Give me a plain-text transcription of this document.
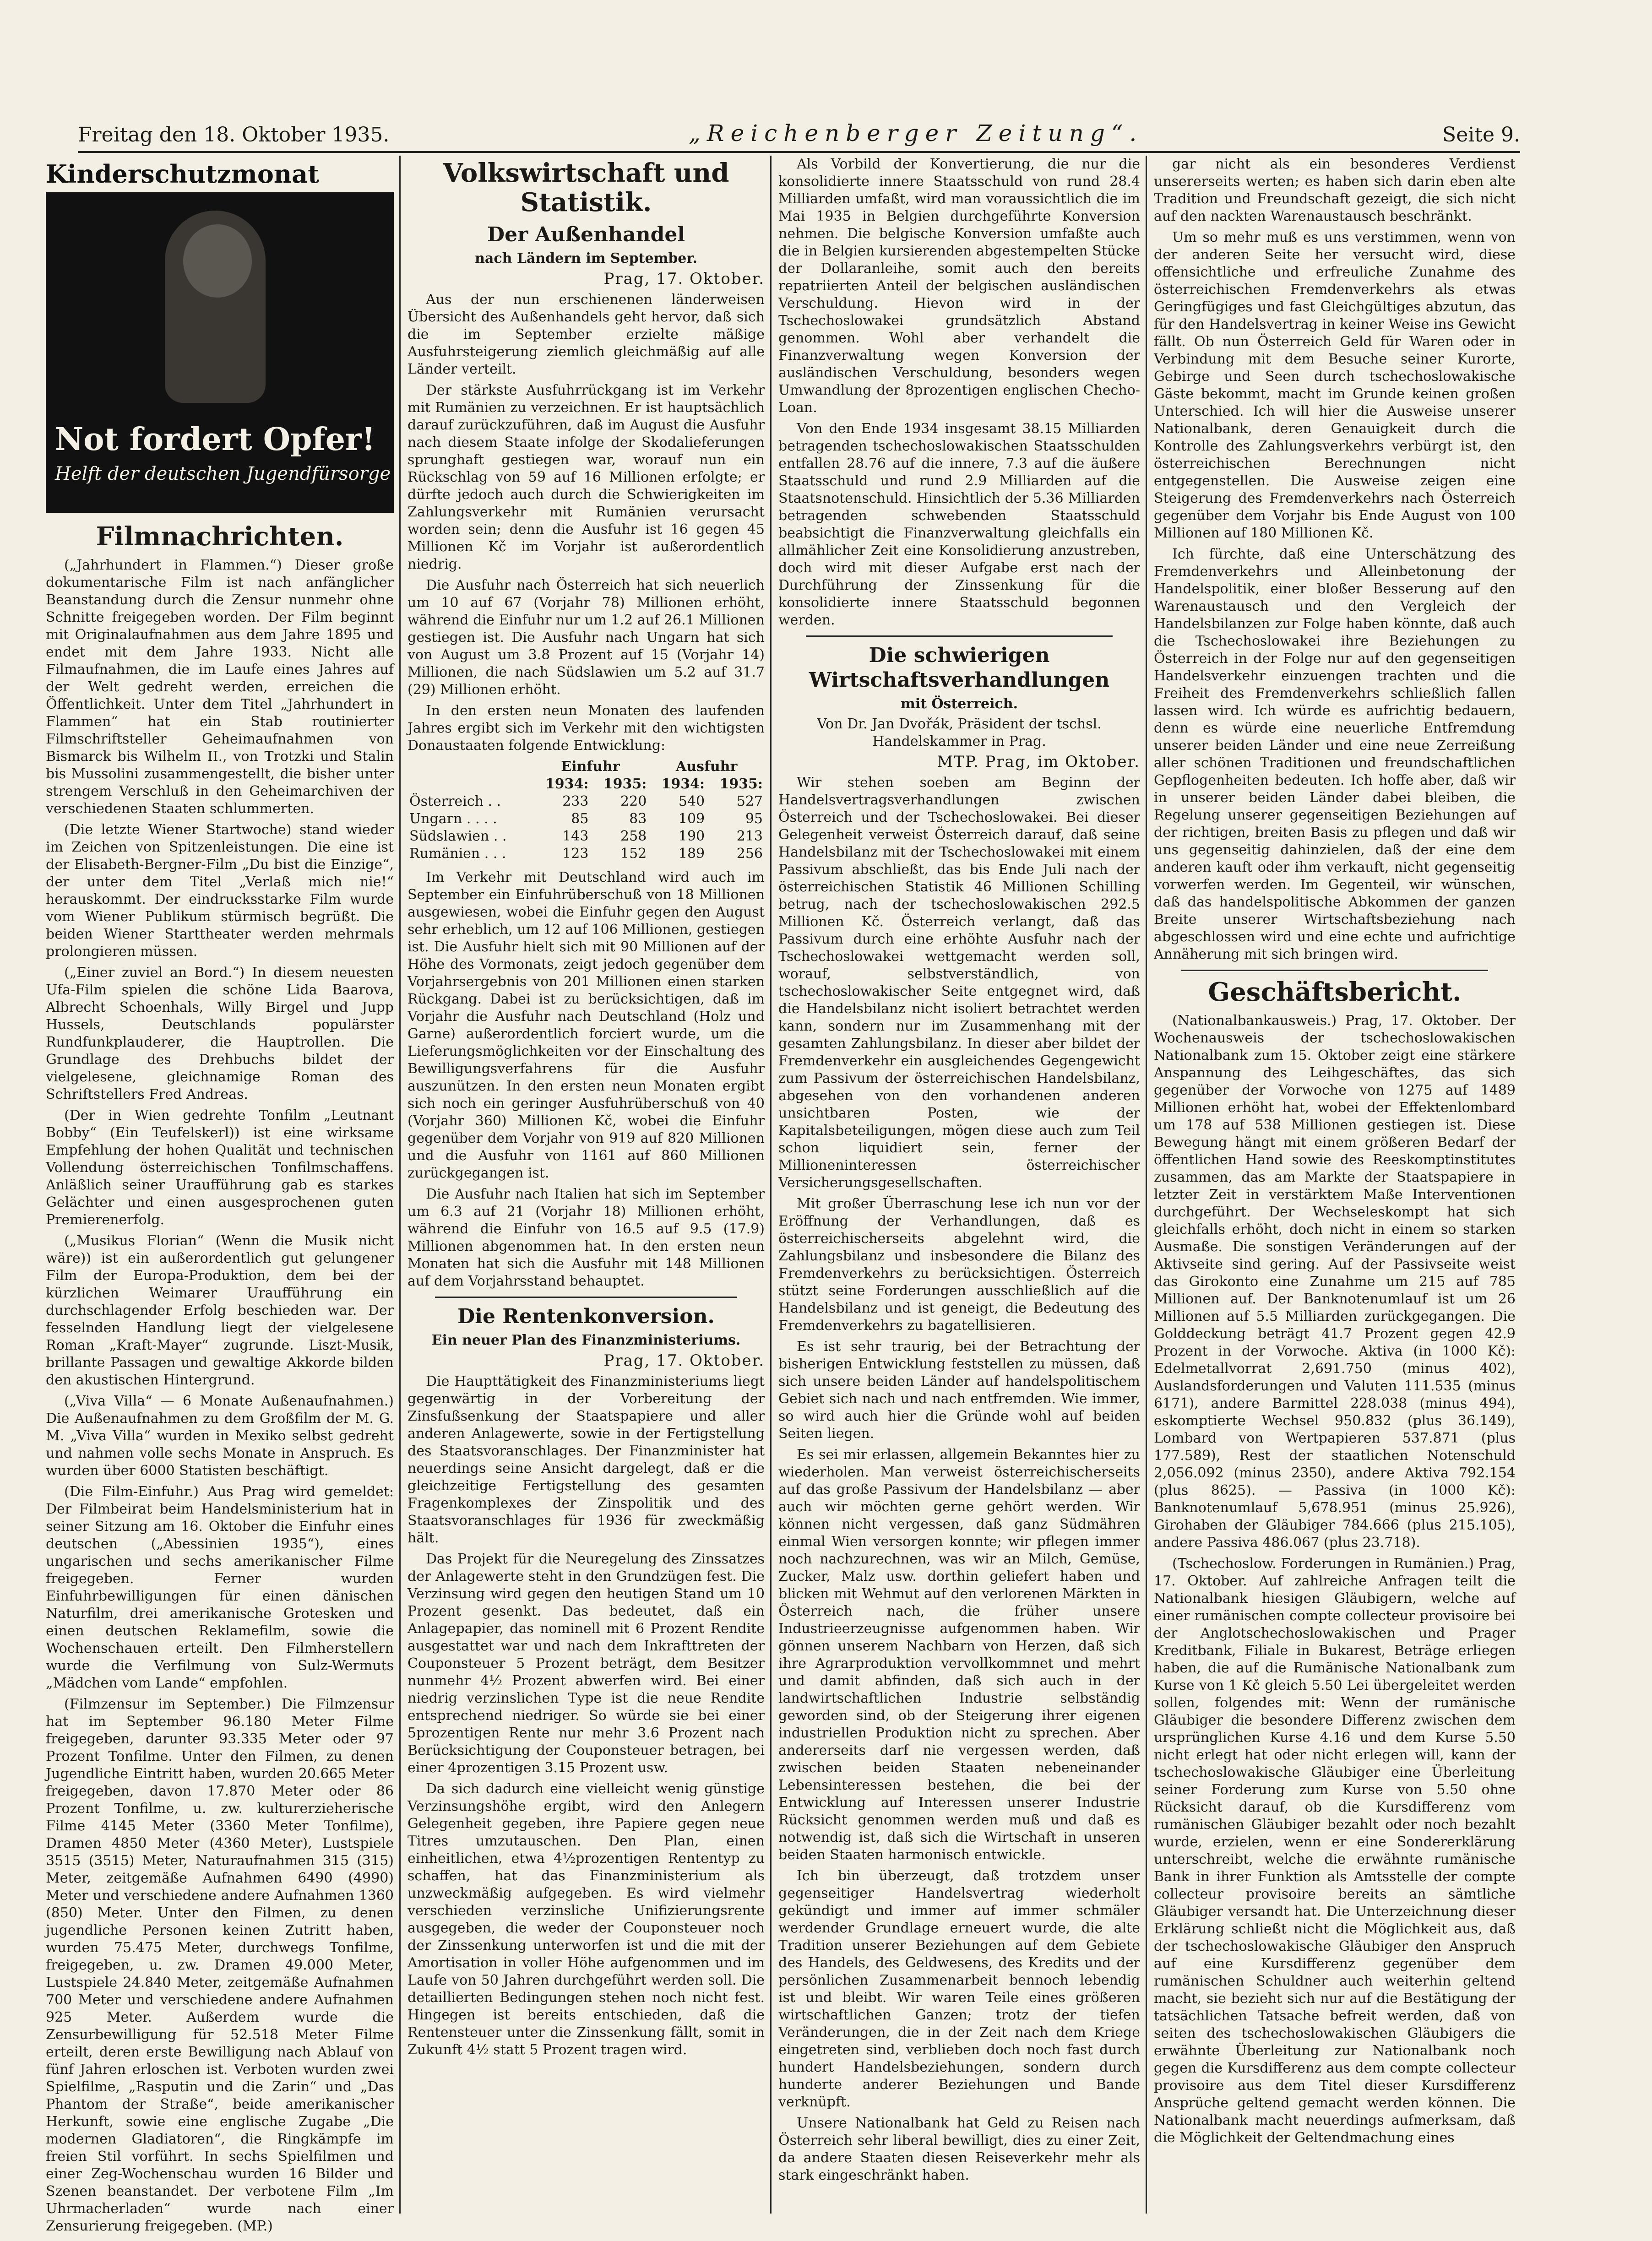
Freitag den 18. Oktober 1935.	„Reichenberger Zeitung“.	Seite 9.
Kinderschutzmonat Oktober!
Not fordert Opfer!
Helft der deutschen Jugendfürsorge
Filmnachrichten.

(„Jahrhundert in Flammen.“) Dieser große dokumentarische Film ist nach anfänglicher Beanstandung durch die Zensur nunmehr ohne Schnitte freigegeben worden. Der Film beginnt mit Originalaufnahmen aus dem Jahre 1895 und endet mit dem Jahre 1933. Nicht alle Filmaufnahmen, die im Laufe eines Jahres auf der Welt gedreht werden, erreichen die Öffentlichkeit. Unter dem Titel „Jahrhundert in Flammen“ hat ein Stab routinierter Filmschriftsteller Geheimaufnahmen von Bismarck bis Wilhelm II., von Trotzki und Stalin bis Mussolini zusammengestellt, die bisher unter strengem Verschluß in den Geheimarchiven der verschiedenen Staaten schlummerten.

(Die letzte Wiener Startwoche) stand wieder im Zeichen von Spitzenleistungen. Die eine ist der Elisabeth-Bergner-Film „Du bist die Einzige“, der unter dem Titel „Verlaß mich nie!“ herauskommt. Der eindrucksstarke Film wurde vom Wiener Publikum stürmisch begrüßt. Die beiden Wiener Starttheater werden mehrmals prolongieren müssen.

(„Einer zuviel an Bord.“) In diesem neuesten Ufa-Film spielen die schöne Lida Baarova, Albrecht Schoenhals, Willy Birgel und Jupp Hussels, Deutschlands populärster Rundfunkplauderer, die Hauptrollen. Die Grundlage des Drehbuchs bildet der vielgelesene, gleichnamige Roman des Schriftstellers Fred Andreas.

(Der in Wien gedrehte Tonfilm „Leutnant Bobby“ (Ein Teufelskerl)) ist eine wirksame Empfehlung der hohen Qualität und technischen Vollendung österreichischen Tonfilmschaffens. Anläßlich seiner Uraufführung gab es starkes Gelächter und einen ausgesprochenen guten Premierenerfolg.

(„Musikus Florian“ (Wenn die Musik nicht wäre)) ist ein außerordentlich gut gelungener Film der Europa-Produktion, dem bei der kürzlichen Weimarer Uraufführung ein durchschlagender Erfolg beschieden war. Der fesselnden Handlung liegt der vielgelesene Roman „Kraft-Mayer“ zugrunde. Liszt-Musik, brillante Passagen und gewaltige Akkorde bilden den akustischen Hintergrund.

(„Viva Villa“ — 6 Monate Außenaufnahmen.) Die Außenaufnahmen zu dem Großfilm der M. G. M. „Viva Villa“ wurden in Mexiko selbst gedreht und nahmen volle sechs Monate in Anspruch. Es wurden über 6000 Statisten beschäftigt.

(Die Film-Einfuhr.) Aus Prag wird gemeldet: Der Filmbeirat beim Handelsministerium hat in seiner Sitzung am 16. Oktober die Einfuhr eines deutschen („Abessinien 1935“), eines ungarischen und sechs amerikanischer Filme freigegeben. Ferner wurden Einfuhrbewilligungen für einen dänischen Naturfilm, drei amerikanische Grotesken und einen deutschen Reklamefilm, sowie die Wochenschauen erteilt. Den Filmherstellern wurde die Verfilmung von Sulz-Wermuts „Mädchen vom Lande“ empfohlen.

(Filmzensur im September.) Die Filmzensur hat im September 96.180 Meter Filme freigegeben, darunter 93.335 Meter oder 97 Prozent Tonfilme. Unter den Filmen, zu denen Jugendliche Eintritt haben, wurden 20.665 Meter freigegeben, davon 17.870 Meter oder 86 Prozent Tonfilme, u. zw. kulturerzieherische Filme 4145 Meter (3360 Meter Tonfilme), Dramen 4850 Meter (4360 Meter), Lustspiele 3515 (3515) Meter, Naturaufnahmen 315 (315) Meter, zeitgemäße Aufnahmen 6490 (4990) Meter und verschiedene andere Aufnahmen 1360 (850) Meter. Unter den Filmen, zu denen jugendliche Personen keinen Zutritt haben, wurden 75.475 Meter, durchwegs Tonfilme, freigegeben, u. zw. Dramen 49.000 Meter, Lustspiele 24.840 Meter, zeitgemäße Aufnahmen 700 Meter und verschiedene andere Aufnahmen 925 Meter. Außerdem wurde die Zensurbewilligung für 52.518 Meter Filme erteilt, deren erste Bewilligung nach Ablauf von fünf Jahren erloschen ist. Verboten wurden zwei Spielfilme, „Rasputin und die Zarin“ und „Das Phantom der Straße“, beide amerikanischer Herkunft, sowie eine englische Zugabe „Die modernen Gladiatoren“, die Ringkämpfe im freien Stil vorführt. In sechs Spielfilmen und einer Zeg-Wochenschau wurden 16 Bilder und Szenen beanstandet. Der verbotene Film „Im Uhrmacherladen“ wurde nach einer Zensurierung freigegeben. (MP.)

Volkswirtschaft und Statistik.
Der Außenhandel
nach Ländern im September.
Prag, 17. Oktober.

Aus der nun erschienenen länderweisen Übersicht des Außenhandels geht hervor, daß sich die im September erzielte mäßige Ausfuhrsteigerung ziemlich gleichmäßig auf alle Länder verteilt.

Der stärkste Ausfuhrrückgang ist im Verkehr mit Rumänien zu verzeichnen. Er ist hauptsächlich darauf zurückzuführen, daß im August die Ausfuhr nach diesem Staate infolge der Skodalieferungen sprunghaft gestiegen war, worauf nun ein Rückschlag von 59 auf 16 Millionen erfolgte; er dürfte jedoch auch durch die Schwierigkeiten im Zahlungsverkehr mit Rumänien verursacht worden sein; denn die Ausfuhr ist 16 gegen 45 Millionen Kč im Vorjahr ist außerordentlich niedrig.

Die Ausfuhr nach Österreich hat sich neuerlich um 10 auf 67 (Vorjahr 78) Millionen erhöht, während die Einfuhr nur um 1.2 auf 26.1 Millionen gestiegen ist. Die Ausfuhr nach Ungarn hat sich von August um 3.8 Prozent auf 15 (Vorjahr 14) Millionen, die nach Südslawien um 5.2 auf 31.7 (29) Millionen erhöht.

In den ersten neun Monaten des laufenden Jahres ergibt sich im Verkehr mit den wichtigsten Donaustaaten folgende Entwicklung:

	Einfuhr		Ausfuhr	
	1934:	1935:	1934:	1935:
Österreich . .	233	220	540	527
Ungarn . . . .	85	83	109	95
Südslawien . .	143	258	190	213
Rumänien . . .	123	152	189	256

Im Verkehr mit Deutschland wird auch im September ein Einfuhrüberschuß von 18 Millionen ausgewiesen, wobei die Einfuhr gegen den August sehr erheblich, um 12 auf 106 Millionen, gestiegen ist. Die Ausfuhr hielt sich mit 90 Millionen auf der Höhe des Vormonats, zeigt jedoch gegenüber dem Vorjahrsergebnis von 201 Millionen einen starken Rückgang. Dabei ist zu berücksichtigen, daß im Vorjahr die Ausfuhr nach Deutschland (Holz und Garne) außerordentlich forciert wurde, um die Lieferungsmöglichkeiten vor der Einschaltung des Bewilligungsverfahrens für die Ausfuhr auszunützen. In den ersten neun Monaten ergibt sich noch ein geringer Ausfuhrüberschuß von 40 (Vorjahr 360) Millionen Kč, wobei die Einfuhr gegenüber dem Vorjahr von 919 auf 820 Millionen und die Ausfuhr von 1161 auf 860 Millionen zurückgegangen ist.

Die Ausfuhr nach Italien hat sich im September um 6.3 auf 21 (Vorjahr 18) Millionen erhöht, während die Einfuhr von 16.5 auf 9.5 (17.9) Millionen abgenommen hat. In den ersten neun Monaten hat sich die Ausfuhr mit 148 Millionen auf dem Vorjahrsstand behauptet.

Die Rentenkonversion.
Ein neuer Plan des Finanzministeriums.
Prag, 17. Oktober.

Die Haupttätigkeit des Finanzministeriums liegt gegenwärtig in der Vorbereitung der Zinsfußsenkung der Staatspapiere und aller anderen Anlagewerte, sowie in der Fertigstellung des Staatsvoranschlages. Der Finanzminister hat neuerdings seine Ansicht dargelegt, daß er die gleichzeitige Fertigstellung des gesamten Fragenkomplexes der Zinspolitik und des Staatsvoranschlages für 1936 für zweckmäßig hält.

Das Projekt für die Neuregelung des Zinssatzes der Anlagewerte steht in den Grundzügen fest. Die Verzinsung wird gegen den heutigen Stand um 10 Prozent gesenkt. Das bedeutet, daß ein Anlagepapier, das nominell mit 6 Prozent Rendite ausgestattet war und nach dem Inkrafttreten der Couponsteuer 5 Prozent beträgt, dem Besitzer nunmehr 4½ Prozent abwerfen wird. Bei einer niedrig verzinslichen Type ist die neue Rendite entsprechend niedriger. So würde sie bei einer 5prozentigen Rente nur mehr 3.6 Prozent nach Berücksichtigung der Couponsteuer betragen, bei einer 4prozentigen 3.15 Prozent usw.

Da sich dadurch eine vielleicht wenig günstige Verzinsungshöhe ergibt, wird den Anlegern Gelegenheit gegeben, ihre Papiere gegen neue Titres umzutauschen. Den Plan, einen einheitlichen, etwa 4½prozentigen Rententyp zu schaffen, hat das Finanzministerium als unzweckmäßig aufgegeben. Es wird vielmehr verschieden verzinsliche Unifizierungsrente ausgegeben, die weder der Couponsteuer noch der Zinssenkung unterworfen ist und die mit der Amortisation in voller Höhe aufgenommen und im Laufe von 50 Jahren durchgeführt werden soll. Die detaillierten Bedingungen stehen noch nicht fest. Hingegen ist bereits entschieden, daß die Rentensteuer unter die Zinssenkung fällt, somit in Zukunft 4½ statt 5 Prozent tragen wird.

Als Vorbild der Konvertierung, die nur die konsolidierte innere Staatsschuld von rund 28.4 Milliarden umfaßt, wird man voraussichtlich die im Mai 1935 in Belgien durchgeführte Konversion nehmen. Die belgische Konversion umfaßte auch die in Belgien kursierenden abgestempelten Stücke der Dollaranleihe, somit auch den bereits repatriierten Anteil der belgischen ausländischen Verschuldung. Hievon wird in der Tschechoslowakei grundsätzlich Abstand genommen. Wohl aber verhandelt die Finanzverwaltung wegen Konversion der ausländischen Verschuldung, besonders wegen Umwandlung der 8prozentigen englischen Checho-Loan.

Von den Ende 1934 insgesamt 38.15 Milliarden betragenden tschechoslowakischen Staatsschulden entfallen 28.76 auf die innere, 7.3 auf die äußere Staatsschuld und rund 2.9 Milliarden auf die Staatsnotenschuld. Hinsichtlich der 5.36 Milliarden betragenden schwebenden Staatsschuld beabsichtigt die Finanzverwaltung gleichfalls ein allmählicher Zeit eine Konsolidierung anzustreben, doch wird mit dieser Aufgabe erst nach der Durchführung der Zinssenkung für die konsolidierte innere Staatsschuld begonnen werden.

Die schwierigen Wirtschaftsverhandlungen
mit Österreich.
Von Dr. Jan Dvořák, Präsident der tschsl. Handelskammer in Prag.
MTP. Prag, im Oktober.

Wir stehen soeben am Beginn der Handelsvertragsverhandlungen zwischen Österreich und der Tschechoslowakei. Bei dieser Gelegenheit verweist Österreich darauf, daß seine Handelsbilanz mit der Tschechoslowakei mit einem Passivum abschließt, das bis Ende Juli nach der österreichischen Statistik 46 Millionen Schilling betrug, nach der tschechoslowakischen 292.5 Millionen Kč. Österreich verlangt, daß das Passivum durch eine erhöhte Ausfuhr nach der Tschechoslowakei wettgemacht werden soll, worauf, selbstverständlich, von tschechoslowakischer Seite entgegnet wird, daß die Handelsbilanz nicht isoliert betrachtet werden kann, sondern nur im Zusammenhang mit der gesamten Zahlungsbilanz. In dieser aber bildet der Fremdenverkehr ein ausgleichendes Gegengewicht zum Passivum der österreichischen Handelsbilanz, abgesehen von den vorhandenen anderen unsichtbaren Posten, wie der Kapitalsbeteiligungen, mögen diese auch zum Teil schon liquidiert sein, ferner der Millioneninteressen österreichischer Versicherungsgesellschaften.

Mit großer Überraschung lese ich nun vor der Eröffnung der Verhandlungen, daß es österreichischerseits abgelehnt wird, die Zahlungsbilanz und insbesondere die Bilanz des Fremdenverkehrs zu berücksichtigen. Österreich stützt seine Forderungen ausschließlich auf die Handelsbilanz und ist geneigt, die Bedeutung des Fremdenverkehrs zu bagatellisieren.

Es ist sehr traurig, bei der Betrachtung der bisherigen Entwicklung feststellen zu müssen, daß sich unsere beiden Länder auf handelspolitischem Gebiet sich nach und nach entfremden. Wie immer, so wird auch hier die Gründe wohl auf beiden Seiten liegen.

Es sei mir erlassen, allgemein Bekanntes hier zu wiederholen. Man verweist österreichischerseits auf das große Passivum der Handelsbilanz — aber auch wir möchten gerne gehört werden. Wir können nicht vergessen, daß ganz Südmähren einmal Wien versorgen konnte; wir pflegen immer noch nachzurechnen, was wir an Milch, Gemüse, Zucker, Malz usw. dorthin geliefert haben und blicken mit Wehmut auf den verlorenen Märkten in Österreich nach, die früher unsere Industrieerzeugnisse aufgenommen haben. Wir gönnen unserem Nachbarn von Herzen, daß sich ihre Agrarproduktion vervollkommnet und mehrt und damit abfinden, daß sich auch in der landwirtschaftlichen Industrie selbständig geworden sind, ob der Steigerung ihrer eigenen industriellen Produktion nicht zu sprechen. Aber andererseits darf nie vergessen werden, daß zwischen beiden Staaten nebeneinander Lebensinteressen bestehen, die bei der Entwicklung auf Interessen unserer Industrie Rücksicht genommen werden muß und daß es notwendig ist, daß sich die Wirtschaft in unseren beiden Staaten harmonisch entwickle.

Ich bin überzeugt, daß trotzdem unser gegenseitiger Handelsvertrag wiederholt gekündigt und immer auf immer schmäler werdender Grundlage erneuert wurde, die alte Tradition unserer Beziehungen auf dem Gebiete des Handels, des Geldwesens, des Kredits und der persönlichen Zusammenarbeit bennoch lebendig ist und bleibt. Wir waren Teile eines größeren wirtschaftlichen Ganzen; trotz der tiefen Veränderungen, die in der Zeit nach dem Kriege eingetreten sind, verblieben doch noch fast durch hundert Handelsbeziehungen, sondern durch hunderte anderer Beziehungen und Bande verknüpft.

Unsere Nationalbank hat Geld zu Reisen nach Österreich sehr liberal bewilligt, dies zu einer Zeit, da andere Staaten diesen Reiseverkehr mehr als stark eingeschränkt haben.

gar nicht als ein besonderes Verdienst unsererseits werten; es haben sich darin eben alte Tradition und Freundschaft gezeigt, die sich nicht auf den nackten Warenaustausch beschränkt.

Um so mehr muß es uns verstimmen, wenn von der anderen Seite her versucht wird, diese offensichtliche und erfreuliche Zunahme des österreichischen Fremdenverkehrs als etwas Geringfügiges und fast Gleichgültiges abzutun, das für den Handelsvertrag in keiner Weise ins Gewicht fällt. Ob nun Österreich Geld für Waren oder in Verbindung mit dem Besuche seiner Kurorte, Gebirge und Seen durch tschechoslowakische Gäste bekommt, macht im Grunde keinen großen Unterschied. Ich will hier die Ausweise unserer Nationalbank, deren Genauigkeit durch die Kontrolle des Zahlungsverkehrs verbürgt ist, den österreichischen Berechnungen nicht entgegenstellen. Die Ausweise zeigen eine Steigerung des Fremdenverkehrs nach Österreich gegenüber dem Vorjahr bis Ende August von 100 Millionen auf 180 Millionen Kč.

Ich fürchte, daß eine Unterschätzung des Fremdenverkehrs und Alleinbetonung der Handelspolitik, einer bloßer Besserung auf den Warenaustausch und den Vergleich der Handelsbilanzen zur Folge haben könnte, daß auch die Tschechoslowakei ihre Beziehungen zu Österreich in der Folge nur auf den gegenseitigen Handelsverkehr einzuengen trachten und die Freiheit des Fremdenverkehrs schließlich fallen lassen wird. Ich würde es aufrichtig bedauern, denn es würde eine neuerliche Entfremdung unserer beiden Länder und eine neue Zerreißung aller schönen Traditionen und freundschaftlichen Gepflogenheiten bedeuten. Ich hoffe aber, daß wir in unserer beiden Länder dabei bleiben, die Regelung unserer gegenseitigen Beziehungen auf der richtigen, breiten Basis zu pflegen und daß wir uns gegenseitig dahinzielen, daß der eine dem anderen kauft oder ihm verkauft, nicht gegenseitig vorwerfen werden. Im Gegenteil, wir wünschen, daß das handelspolitische Abkommen der ganzen Breite unserer Wirtschaftsbeziehung nach abgeschlossen wird und eine echte und aufrichtige Annäherung mit sich bringen wird.

Geschäftsbericht.

(Nationalbankausweis.) Prag, 17. Oktober. Der Wochenausweis der tschechoslowakischen Nationalbank zum 15. Oktober zeigt eine stärkere Anspannung des Leihgeschäftes, das sich gegenüber der Vorwoche von 1275 auf 1489 Millionen erhöht hat, wobei der Effektenlombard um 178 auf 538 Millionen gestiegen ist. Diese Bewegung hängt mit einem größeren Bedarf der öffentlichen Hand sowie des Reeskomptinstitutes zusammen, das am Markte der Staatspapiere in letzter Zeit in verstärktem Maße Interventionen durchgeführt. Der Wechseleskompt hat sich gleichfalls erhöht, doch nicht in einem so starken Ausmaße. Die sonstigen Veränderungen auf der Aktivseite sind gering. Auf der Passivseite weist das Girokonto eine Zunahme um 215 auf 785 Millionen auf. Der Banknotenumlauf ist um 26 Millionen auf 5.5 Milliarden zurückgegangen. Die Golddeckung beträgt 41.7 Prozent gegen 42.9 Prozent in der Vorwoche. Aktiva (in 1000 Kč): Edelmetallvorrat 2,691.750 (minus 402), Auslandsforderungen und Valuten 111.535 (minus 6171), andere Barmittel 228.038 (minus 494), eskomptierte Wechsel 950.832 (plus 36.149), Lombard von Wertpapieren 537.871 (plus 177.589), Rest der staatlichen Notenschuld 2,056.092 (minus 2350), andere Aktiva 792.154 (plus 8625). — Passiva (in 1000 Kč): Banknotenumlauf 5,678.951 (minus 25.926), Girohaben der Gläubiger 784.666 (plus 215.105), andere Passiva 486.067 (plus 23.718).

(Tschechoslow. Forderungen in Rumänien.) Prag, 17. Oktober. Auf zahlreiche Anfragen teilt die Nationalbank hiesigen Gläubigern, welche auf einer rumänischen compte collecteur provisoire bei der Anglotschechoslowakischen und Prager Kreditbank, Filiale in Bukarest, Beträge erliegen haben, die auf die Rumänische Nationalbank zum Kurse von 1 Kč gleich 5.50 Lei übergeleitet werden sollen, folgendes mit: Wenn der rumänische Gläubiger die besondere Differenz zwischen dem ursprünglichen Kurse 4.16 und dem Kurse 5.50 nicht erlegt hat oder nicht erlegen will, kann der tschechoslowakische Gläubiger eine Überleitung seiner Forderung zum Kurse von 5.50 ohne Rücksicht darauf, ob die Kursdifferenz vom rumänischen Gläubiger bezahlt oder noch bezahlt wurde, erzielen, wenn er eine Sondererklärung unterschreibt, welche die erwähnte rumänische Bank in ihrer Funktion als Amtsstelle der compte collecteur provisoire bereits an sämtliche Gläubiger versandt hat. Die Unterzeichnung dieser Erklärung schließt nicht die Möglichkeit aus, daß der tschechoslowakische Gläubiger den Anspruch auf eine Kursdifferenz gegenüber dem rumänischen Schuldner auch weiterhin geltend macht, sie bezieht sich nur auf die Bestätigung der tatsächlichen Tatsache befreit werden, daß von seiten des tschechoslowakischen Gläubigers die erwähnte Überleitung zur Nationalbank noch gegen die Kursdifferenz aus dem compte collecteur provisoire aus dem Titel dieser Kursdifferenz Ansprüche geltend gemacht werden können. Die Nationalbank macht neuerdings aufmerksam, daß die Möglichkeit der Geltendmachung eines
